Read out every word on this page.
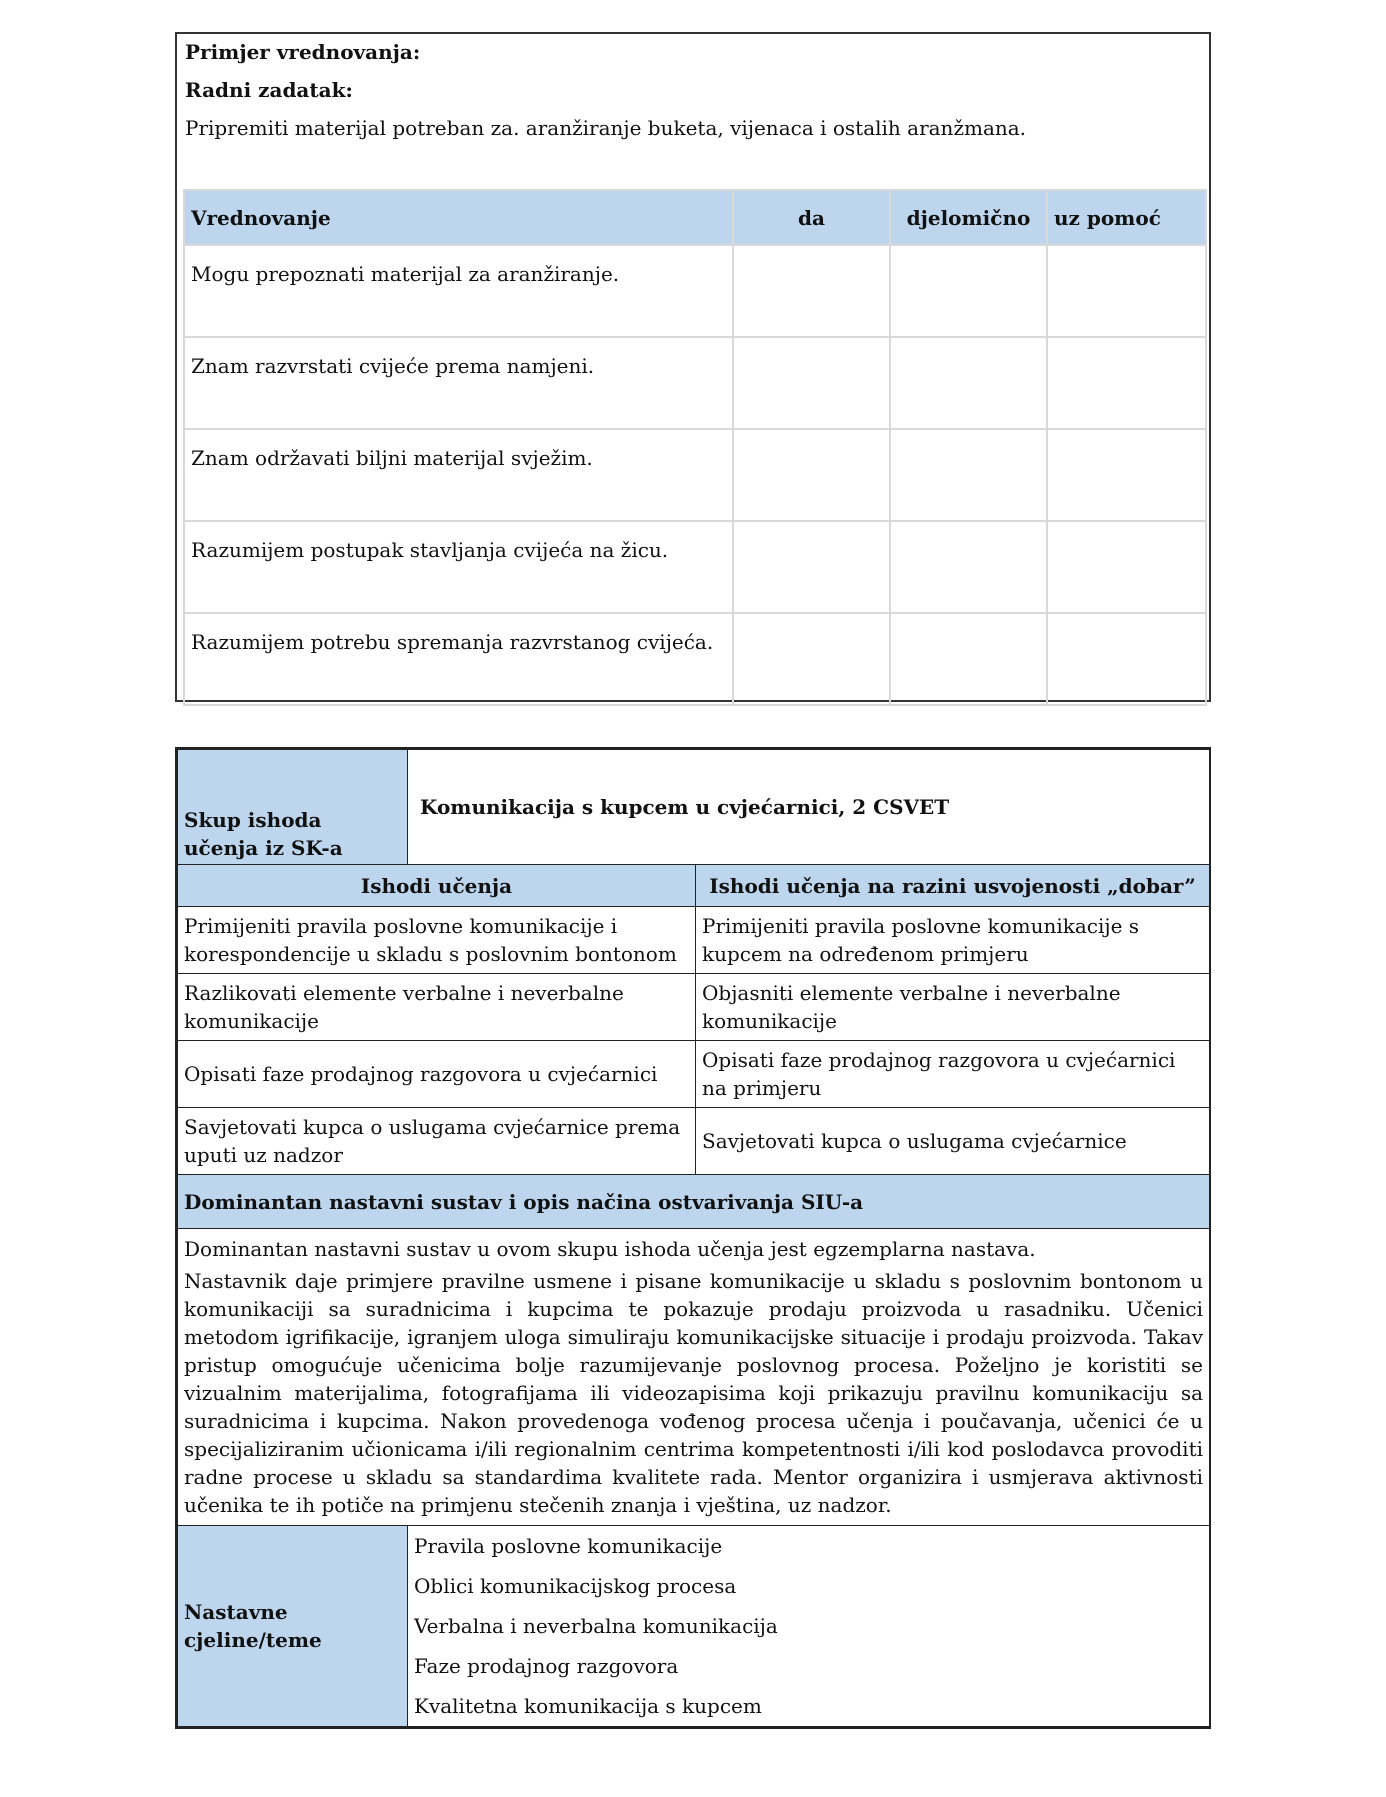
Primjer vrednovanja:
Radni zadatak:
Pripremiti materijal potreban za. aranžiranje buketa, vijenaca i ostalih aranžmana.
Vrednovanje	da	djelomično	uz pomoć
Mogu prepoznati materijal za aranžiranje.			
Znam razvrstati cvijeće prema namjeni.			
Znam održavati biljni materijal svježim.			
Razumijem postupak stavljanja cvijeća na žicu.			
Razumijem potrebu spremanja razvrstanog cvijeća.			
Skup ishoda učenja iz SK-a	Komunikacija s kupcem u cvjećarnici, 2 CSVET	
Ishodi učenja		Ishodi učenja na razini usvojenosti „dobar”
Primijeniti pravila poslovne komunikacije i korespondencije u skladu s poslovnim bontonom		Primijeniti pravila poslovne komunikacije s kupcem na određenom primjeru
Razlikovati elemente verbalne i neverbalne komunikacije		Objasniti elemente verbalne i neverbalne komunikacije
Opisati faze prodajnog razgovora u cvjećarnici		Opisati faze prodajnog razgovora u cvjećarnici na primjeru
Savjetovati kupca o uslugama cvjećarnice prema uputi uz nadzor		Savjetovati kupca o uslugama cvjećarnice
Dominantan nastavni sustav i opis načina ostvarivanja SIU-a		

Dominantan nastavni sustav u ovom skupu ishoda učenja jest egzemplarna nastava.

Nastavnik daje primjere pravilne usmene i pisane komunikacije u skladu s poslovnim bontonom u komunikaciji sa suradnicima i kupcima te pokazuje prodaju proizvoda u rasadniku. Učenici metodom igrifikacije, igranjem uloga simuliraju komunikacijske situacije i prodaju proizvoda. Takav pristup omogućuje učenicima bolje razumijevanje poslovnog procesa. Poželjno je koristiti se vizualnim materijalima, fotografijama ili videozapisima koji prikazuju pravilnu komunikaciju sa suradnicima i kupcima. Nakon provedenoga vođenog procesa učenja i poučavanja, učenici će u specijaliziranim učionicama i/ili regionalnim centrima kompetentnosti i/ili kod poslodavca provoditi radne procese u skladu sa standardima kvalitete rada. Mentor organizira i usmjerava aktivnosti učenika te ih potiče na primjenu stečenih znanja i vještina, uz nadzor.		

Nastavne cjeline/teme	Pravila poslovne komunikacije
Oblici komunikacijskog procesa
Verbalna i neverbalna komunikacija
Faze prodajnog razgovora
Kvalitetna komunikacija s kupcem	
